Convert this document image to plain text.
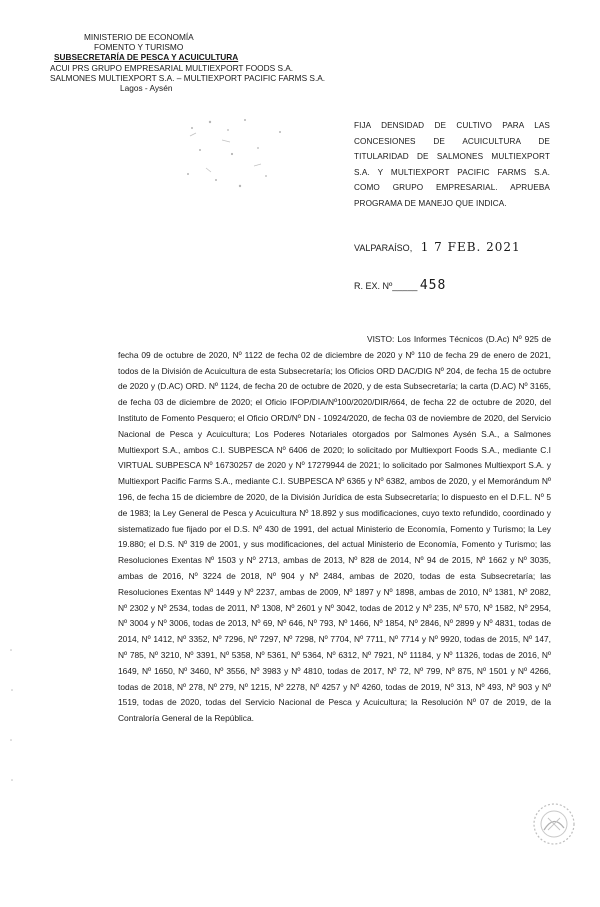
MINISTERIO DE ECONOMÍA
FOMENTO Y TURISMO
SUBSECRETARÍA DE PESCA Y ACUICULTURA
ACUI PRS GRUPO EMPRESARIAL MULTIEXPORT FOODS S.A.
SALMONES MULTIEXPORT S.A. – MULTIEXPORT PACIFIC FARMS S.A.
Lagos - Aysén
FIJA DENSIDAD DE CULTIVO PARA LAS CONCESIONES DE ACUICULTURA DE TITULARIDAD DE SALMONES MULTIEXPORT S.A. Y MULTIEXPORT PACIFIC FARMS S.A. COMO GRUPO EMPRESARIAL. APRUEBA PROGRAMA DE MANEJO QUE INDICA.
VALPARAÍSO, 1 7 FEB. 2021
R. EX. Nº_____ 458
VISTO: Los Informes Técnicos (D.Ac) Nº 925 de fecha 09 de octubre de 2020, Nº 1122 de fecha 02 de diciembre de 2020 y Nº 110 de fecha 29 de enero de 2021, todos de la División de Acuicultura de esta Subsecretaría; los Oficios ORD DAC/DIG Nº 204, de fecha 15 de octubre de 2020 y (D.AC) ORD. Nº 1124, de fecha 20 de octubre de 2020, y de esta Subsecretaría; la carta (D.AC) Nº 3165, de fecha 03 de diciembre de 2020; el Oficio IFOP/DIA/Nº100/2020/DIR/664, de fecha 22 de octubre de 2020, del Instituto de Fomento Pesquero; el Oficio ORD/Nº DN - 10924/2020, de fecha 03 de noviembre de 2020, del Servicio Nacional de Pesca y Acuicultura; Los Poderes Notariales otorgados por Salmones Aysén S.A., a Salmones Multiexport S.A., ambos C.I. SUBPESCA Nº 6406 de 2020; lo solicitado por Multiexport Foods S.A., mediante C.I VIRTUAL SUBPESCA Nº 16730257 de 2020 y Nº 17279944 de 2021; lo solicitado por Salmones Multiexport S.A. y Multiexport Pacific Farms S.A., mediante C.I. SUBPESCA Nº 6365 y Nº 6382, ambos de 2020, y el Memorándum Nº 196, de fecha 15 de diciembre de 2020, de la División Jurídica de esta Subsecretaría; lo dispuesto en el D.F.L. Nº 5 de 1983; la Ley General de Pesca y Acuicultura Nº 18.892 y sus modificaciones, cuyo texto refundido, coordinado y sistematizado fue fijado por el D.S. Nº 430 de 1991, del actual Ministerio de Economía, Fomento y Turismo; la Ley 19.880; el D.S. Nº 319 de 2001, y sus modificaciones, del actual Ministerio de Economía, Fomento y Turismo; las Resoluciones Exentas Nº 1503 y Nº 2713, ambas de 2013, Nº 828 de 2014, Nº 94 de 2015, Nº 1662 y Nº 3035, ambas de 2016, Nº 3224 de 2018, Nº 904 y Nº 2484, ambas de 2020, todas de esta Subsecretaría; las Resoluciones Exentas Nº 1449 y Nº 2237, ambas de 2009, Nº 1897 y Nº 1898, ambas de 2010, Nº 1381, Nº 2082, Nº 2302 y Nº 2534, todas de 2011, Nº 1308, Nº 2601 y Nº 3042, todas de 2012 y Nº 235, Nº 570, Nº 1582, Nº 2954, Nº 3004 y Nº 3006, todas de 2013, Nº 69, Nº 646, Nº 793, Nº 1466, Nº 1854, Nº 2846, Nº 2899 y Nº 4831, todas de 2014, Nº 1412, Nº 3352, Nº 7296, Nº 7297, Nº 7298, Nº 7704, Nº 7711, Nº 7714 y Nº 9920, todas de 2015, Nº 147, Nº 785, Nº 3210, Nº 3391, Nº 5358, Nº 5361, Nº 5364, Nº 6312, Nº 7921, Nº 11184, y Nº 11326, todas de 2016, Nº 1649, Nº 1650, Nº 3460, Nº 3556, Nº 3983 y Nº 4810, todas de 2017, Nº 72, Nº 799, Nº 875, Nº 1501 y Nº 4266, todas de 2018, Nº 278, Nº 279, Nº 1215, Nº 2278, Nº 4257 y Nº 4260, todas de 2019, Nº 313, Nº 493, Nº 903 y Nº 1519, todas de 2020, todas del Servicio Nacional de Pesca y Acuicultura; la Resolución Nº 07 de 2019, de la Contraloría General de la República.
